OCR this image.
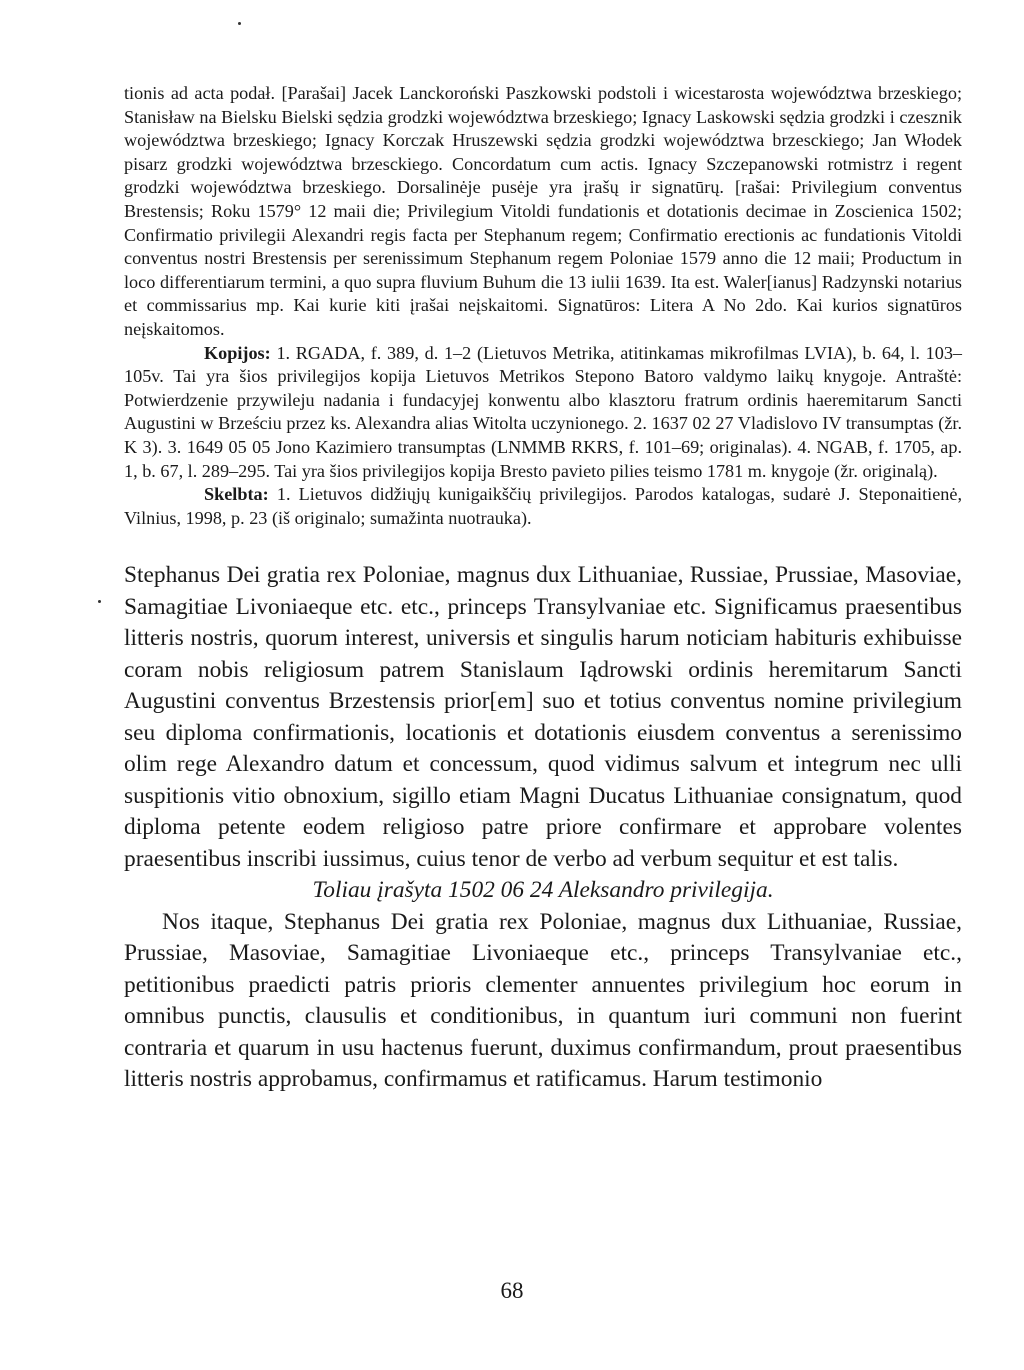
tionis ad acta podał. [Parašai] Jacek Lanckoroński Paszkowski podstoli i wicestarosta województwa brzeskiego; Stanisław na Bielsku Bielski sędzia grodzki województwa brzeskiego; Ignacy Laskowski sędzia grodzki i czesznik województwa brzeskiego; Ignacy Korczak Hruszewski sędzia grodzki województwa brzesckiego; Jan Włodek pisarz grodzki województwa brzesckiego. Concordatum cum actis. Ignacy Szczepanowski rotmistrz i regent grodzki województwa brzeskiego. Dorsalinėje pusėje yra įrašų ir signatūrų. [rašai: Privilegium conventus Brestensis; Roku 1579° 12 maii die; Privilegium Vitoldi fundationis et dotationis decimae in Zoscienica 1502; Confirmatio privilegii Alexandri regis facta per Stephanum regem; Confirmatio erectionis ac fundationis Vitoldi conventus nostri Brestensis per serenissimum Stephanum regem Poloniae 1579 anno die 12 maii; Productum in loco differentiarum termini, a quo supra fluvium Buhum die 13 iulii 1639. Ita est. Waler[ianus] Radzynski notarius et commissarius mp. Kai kurie kiti įrašai neįskaitomi. Signatūros: Litera A No 2do. Kai kurios signatūros neįskaitomos.

Kopijos: 1. RGADA, f. 389, d. 1–2 (Lietuvos Metrika, atitinkamas mikrofilmas LVIA), b. 64, l. 103–105v. Tai yra šios privilegijos kopija Lietuvos Metrikos Stepono Batoro valdymo laikų knygoje. Antraštė: Potwierdzenie przywileju nadania i fundacyjej konwentu albo klasztoru fratrum ordinis haeremitarum Sancti Augustini w Brześciu przez ks. Alexandra alias Witolta uczynionego. 2. 1637 02 27 Vladislovo IV transumptas (žr. K 3). 3. 1649 05 05 Jono Kazimiero transumptas (LNMMB RKRS, f. 101–69; originalas). 4. NGAB, f. 1705, ap. 1, b. 67, l. 289–295. Tai yra šios privilegijos kopija Bresto pavieto pilies teismo 1781 m. knygoje (žr. originalą).

Skelbta: 1. Lietuvos didžiųjų kunigaikščių privilegijos. Parodos katalogas, sudarė J. Steponaitienė, Vilnius, 1998, p. 23 (iš originalo; sumažinta nuotrauka).

Stephanus Dei gratia rex Poloniae, magnus dux Lithuaniae, Russiae, Prussiae, Masoviae, Samagitiae Livoniaeque etc. etc., princeps Transylvaniae etc. Significamus praesentibus litteris nostris, quorum interest, universis et singulis harum noticiam habituris exhibuisse coram nobis religiosum patrem Stanislaum Iądrowski ordinis heremitarum Sancti Augustini conventus Brzestensis prior[em] suo et totius conventus nomine privilegium seu diploma confirmationis, locationis et dotationis eiusdem conventus a serenissimo olim rege Alexandro datum et concessum, quod vidimus salvum et integrum nec ulli suspitionis vitio obnoxium, sigillo etiam Magni Ducatus Lithuaniae consignatum, quod diploma petente eodem religioso patre priore confirmare et approbare volentes praesentibus inscribi iussimus, cuius tenor de verbo ad verbum sequitur et est talis.

Toliau įrašyta 1502 06 24 Aleksandro privilegija.

Nos itaque, Stephanus Dei gratia rex Poloniae, magnus dux Lithuaniae, Russiae, Prussiae, Masoviae, Samagitiae Livoniaeque etc., princeps Transylvaniae etc., petitionibus praedicti patris prioris clementer annuentes privilegium hoc eorum in omnibus punctis, clausulis et conditionibus, in quantum iuri communi non fuerint contraria et quarum in usu hactenus fuerunt, duximus confirmandum, prout praesentibus litteris nostris approbamus, confirmamus et ratificamus. Harum testimonio

68
